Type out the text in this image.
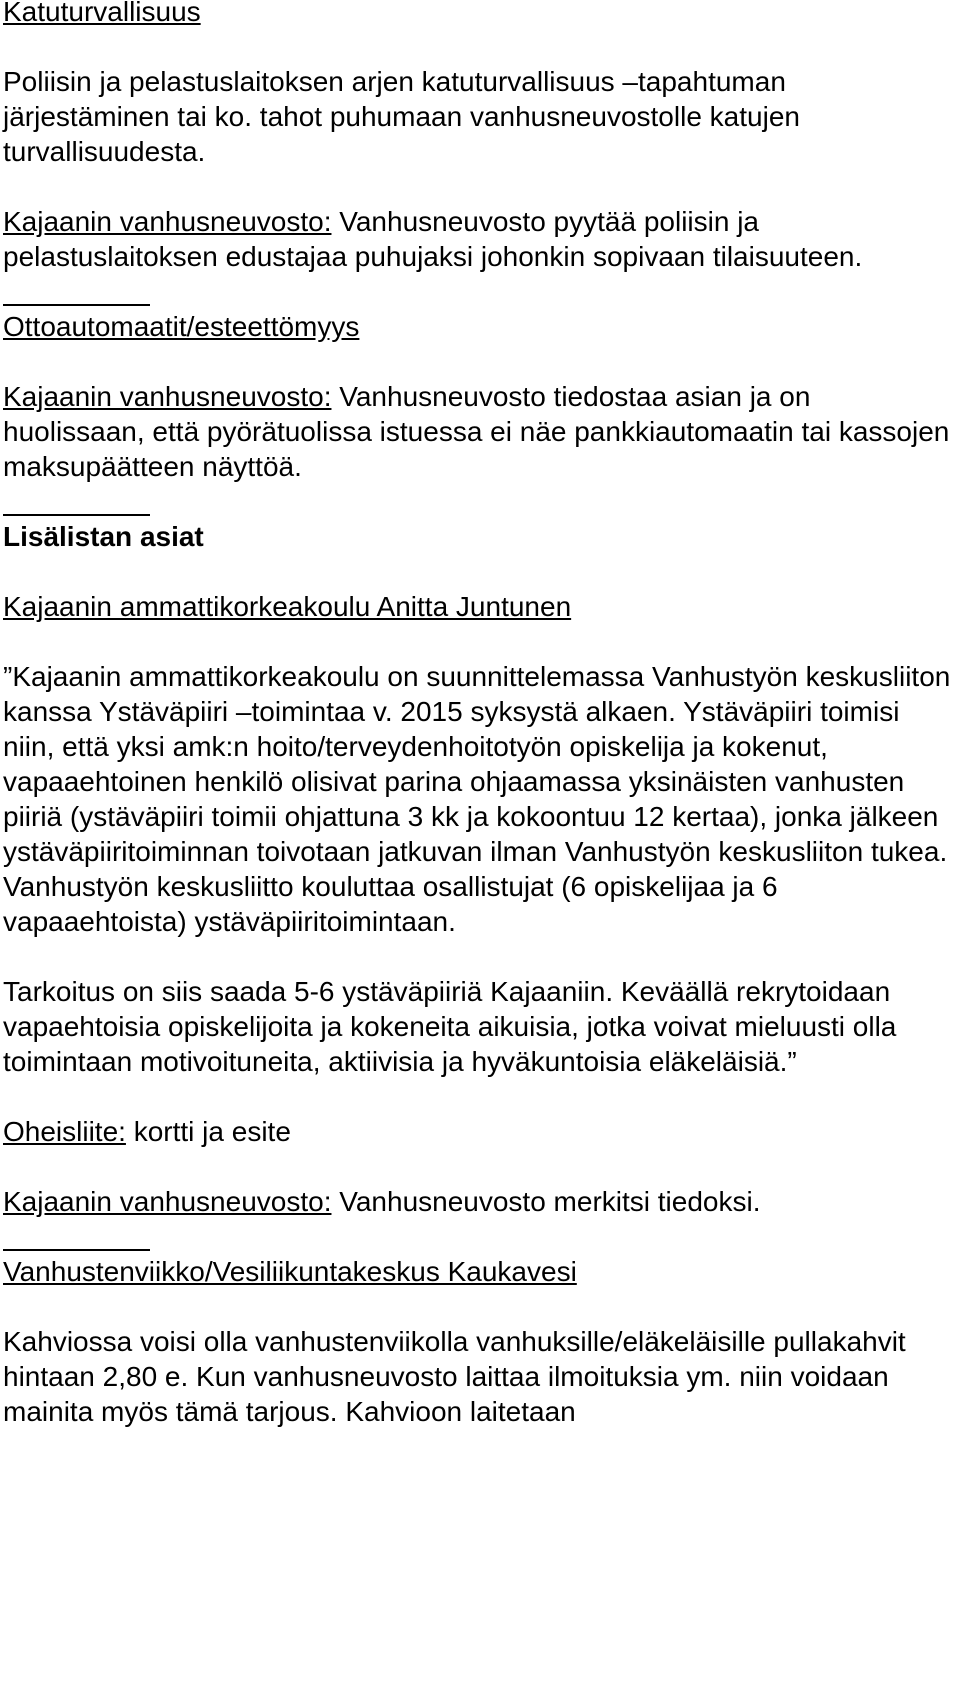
Katuturvallisuus

Poliisin ja pelastuslaitoksen arjen katuturvallisuus –tapahtuman järjestäminen tai ko. tahot puhumaan vanhusneuvostolle katujen turvallisuudesta.

Kajaanin vanhusneuvosto: Vanhusneuvosto pyytää poliisin ja pelastuslaitoksen edustajaa puhujaksi johonkin sopivaan tilaisuuteen.

Ottoautomaatit/esteettömyys

Kajaanin vanhusneuvosto: Vanhusneuvosto tiedostaa asian ja on huolissaan, että pyörätuolissa istuessa ei näe pankkiautomaatin tai kassojen maksupäätteen näyttöä.

Lisälistan asiat

Kajaanin ammattikorkeakoulu Anitta Juntunen

”Kajaanin ammattikorkeakoulu on suunnittelemassa Vanhustyön keskusliiton kanssa Ystäväpiiri –toimintaa v. 2015 syksystä alkaen. Ystäväpiiri toimisi niin, että yksi amk:n hoito/terveydenhoitotyön opiskelija ja kokenut, vapaaehtoinen henkilö olisivat parina ohjaamassa yksinäisten vanhusten piiriä (ystäväpiiri toimii ohjattuna 3 kk ja kokoontuu 12 kertaa), jonka jälkeen ystäväpiiritoiminnan toivotaan jatkuvan ilman Vanhustyön keskusliiton tukea. Vanhustyön keskusliitto kouluttaa osallistujat (6 opiskelijaa ja 6 vapaaehtoista) ystäväpiiritoimintaan.

Tarkoitus on siis saada 5-6 ystäväpiiriä Kajaaniin. Keväällä rekrytoidaan vapaehtoisia opiskelijoita ja kokeneita aikuisia, jotka voivat mieluusti olla toimintaan motivoituneita, aktiivisia ja hyväkuntoisia eläkeläisiä.”

Oheisliite: kortti ja esite

Kajaanin vanhusneuvosto: Vanhusneuvosto merkitsi tiedoksi.

Vanhustenviikko/Vesiliikuntakeskus Kaukavesi

Kahviossa voisi olla vanhustenviikolla vanhuksille/eläkeläisille pullakahvit hintaan 2,80 e. Kun vanhusneuvosto laittaa ilmoituksia ym. niin voidaan mainita myös tämä tarjous. Kahvioon laitetaan
